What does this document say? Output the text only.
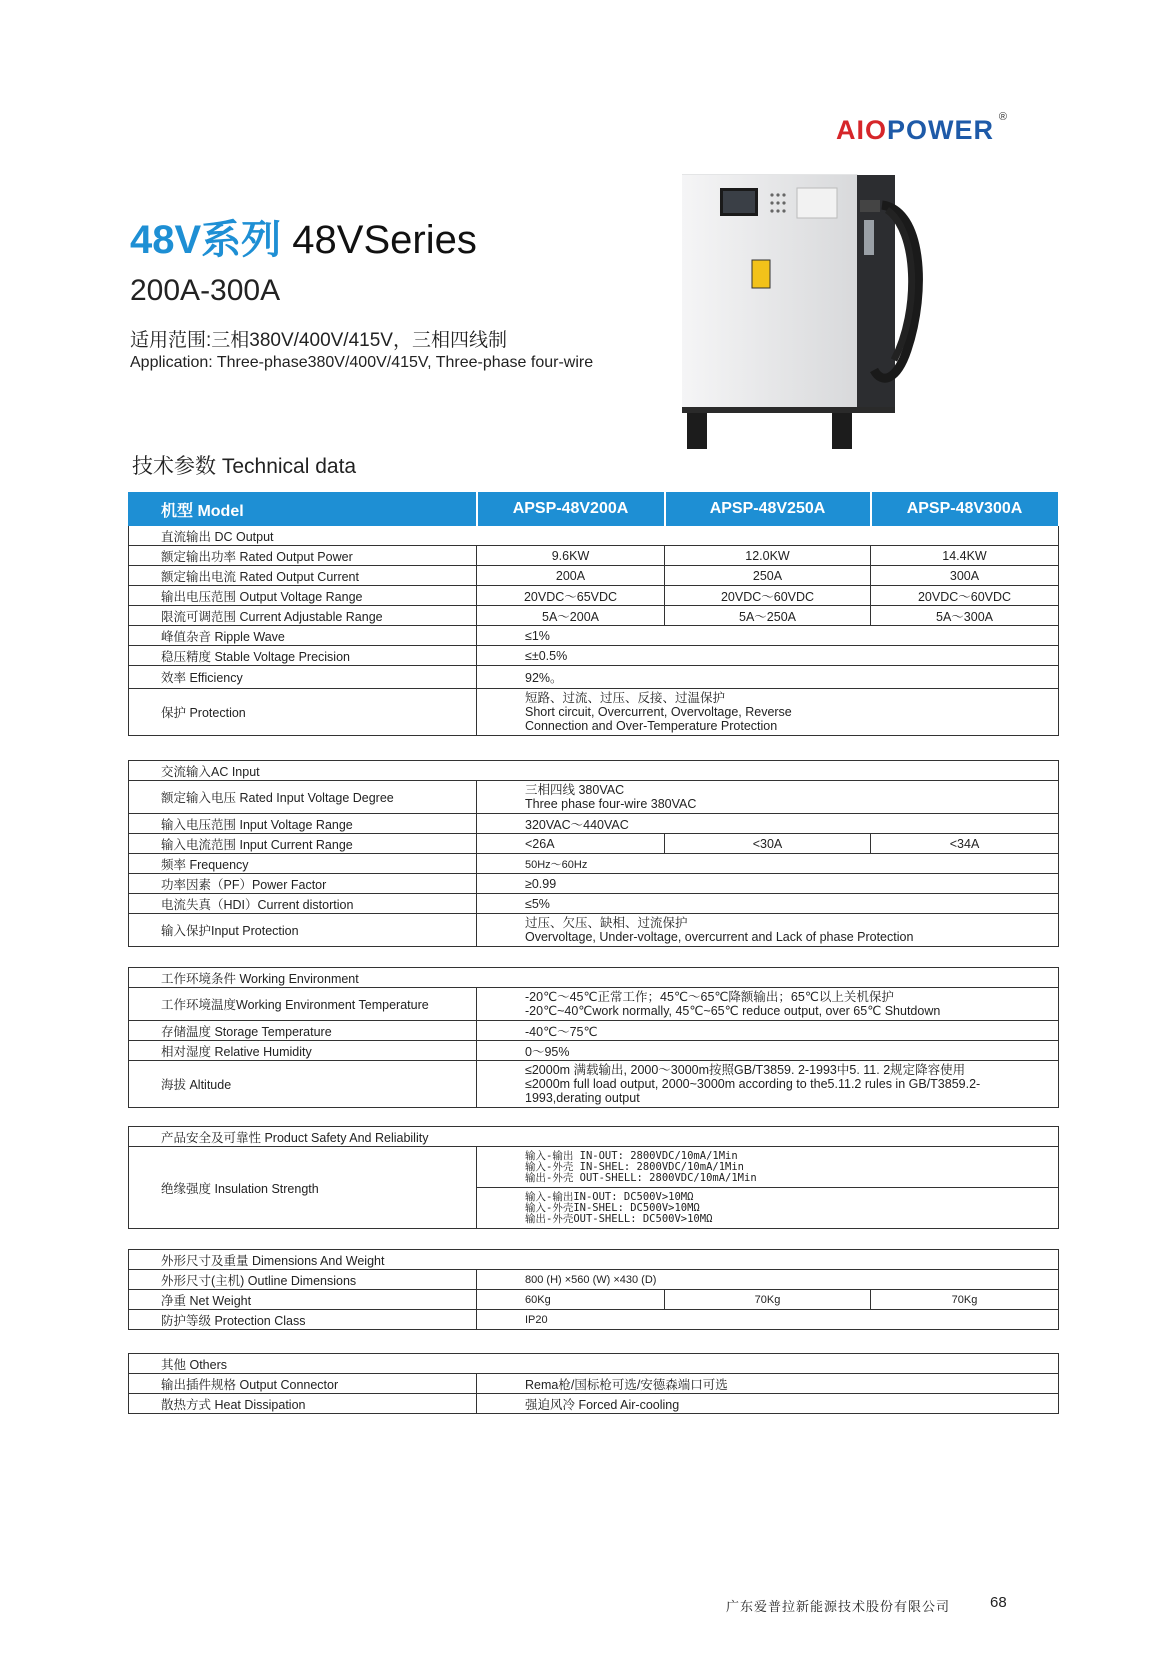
AIOPOWER ®
48V系列 48VSeries
200A-300A
适用范围:三相380V/400V/415V，三相四线制
Application: Three-phase380V/400V/415V, Three-phase four-wire
技术参数 Technical data
机型 Model	APSP-48V200A	APSP-48V250A	APSP-48V300A
直流输出 DC Output			
额定输出功率 Rated Output Power	9.6KW	12.0KW	14.4KW
额定输出电流 Rated Output Current	200A	250A	300A
输出电压范围 Output Voltage Range	20VDC～65VDC	20VDC～60VDC	20VDC～60VDC
限流可调范围 Current Adjustable Range	5A～200A	5A～250A	5A～300A
峰值杂音 Ripple Wave	≤1%		
稳压精度 Stable Voltage Precision	≤±0.5%		
效率 Efficiency	92%。		
保护 Protection	短路、过流、过压、反接、过温保护
Short circuit, Overcurrent, Overvoltage, Reverse
Connection and Over-Temperature Protection		
交流输入AC Input			
额定输入电压 Rated Input Voltage Degree	三相四线 380VAC
Three phase four-wire 380VAC		

输入电压范围 Input Voltage Range	320VAC～440VAC		
输入电流范围 Input Current Range	<26A	<30A	<34A
频率 Frequency	50Hz～60Hz		
功率因素（PF）Power Factor	≥0.99		
电流失真（HDI）Current distortion	≤5%		
输入保护Input Protection	过压、欠压、缺相、过流保护
Overvoltage, Under-voltage, overcurrent and Lack of phase Protection		
工作环境条件 Working Environment	
工作环境温度Working Environment Temperature	-20℃～45℃正常工作；45℃～65℃降额输出；65℃以上关机保护
-20℃~40℃work normally, 45℃~65℃ reduce output, over 65℃ Shutdown

存储温度 Storage Temperature	-40℃～75℃
相对湿度 Relative Humidity	0～95%
海拔 Altitude	≤2000m 满载输出, 2000～3000m按照GB/T3859. 2-1993中5. 11. 2规定降容使用
≤2000m full load output, 2000~3000m according to the5.11.2 rules in GB/T3859.2-
1993,derating output
产品安全及可靠性 Product Safety And Reliability
绝缘强度 Insulation Strength	
输入-输出 IN-OUT: 2800VDC/10mA/1Min
输入-外壳 IN-SHEL: 2800VDC/10mA/1Min
输出-外壳 OUT-SHELL: 2800VDC/10mA/1Min

输入-输出IN-OUT: DC500V>10MΩ
输入-外壳IN-SHEL: DC500V>10MΩ
输出-外壳OUT-SHELL: DC500V>10MΩ
外形尺寸及重量 Dimensions And Weight			
外形尺寸(主机) Outline Dimensions	800 (H) ×560 (W) ×430 (D)		
净重 Net Weight	60Kg	70Kg	70Kg
防护等级 Protection Class	IP20		
其他 Others	
输出插件规格 Output Connector	Rema枪/国标枪可选/安德森端口可选
散热方式 Heat Dissipation	强迫风冷 Forced Air-cooling
广东爱普拉新能源技术股份有限公司	68
